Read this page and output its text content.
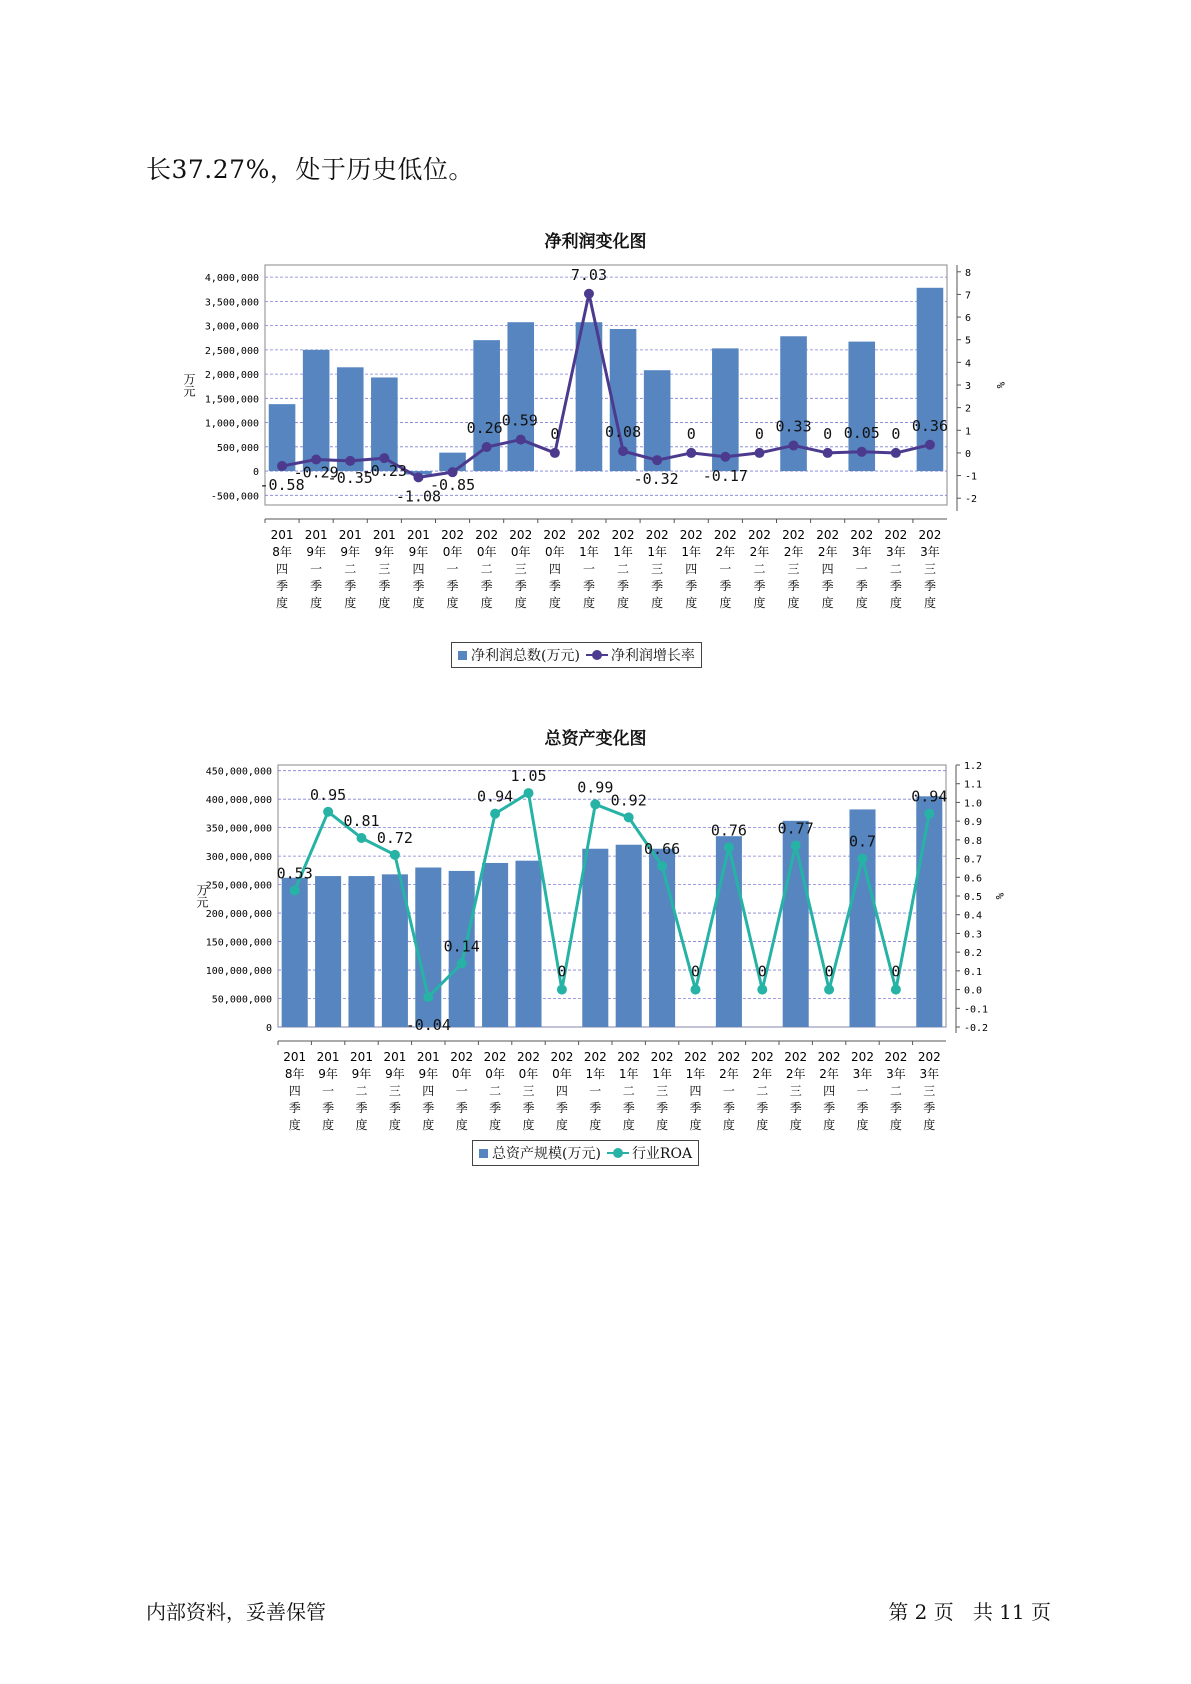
长37.27%，处于历史低位。
净利润变化图
-500,000
0
500,000
1,000,000
1,500,000
2,000,000
2,500,000
3,000,000
3,500,000
4,000,000
-2
-1
0
1
2
3
4
5
6
7
8
万元	%
201 8年四季度
201 9年一季度
201 9年二季度
201 9年三季度
201 9年四季度
202 0年一季度
202 0年二季度
202 0年三季度
202 0年四季度
202 1年一季度
202 1年二季度
202 1年三季度
202 1年四季度
202 2年一季度
202 2年二季度
202 2年三季度
202 2年四季度
202 3年一季度
202 3年二季度
202 3年三季度
-0.58
-0.29
-0.35
-0.23
-1.08
-0.85
0.26
0.59
0
7.03
0.08
-0.32
0
-0.17
0 0.33 0 0.05 0 0.36
净利润总数(万元) 净利润增长率
总资产变化图
0
50,000,000
100,000,000
150,000,000
200,000,000
250,000,000
300,000,000
350,000,000
400,000,000
450,000,000
-0.2
-0.1
0.0
0.1
0.2
0.3
0.4
0.5
0.6
0.7
0.8
0.9
1.0
1.1
1.2
万元	%
201 8年四季度
201 9年一季度
201 9年二季度
201 9年三季度
201 9年四季度
202 0年一季度
202 0年二季度
202 0年三季度
202 0年四季度
202 1年一季度
202 1年二季度
202 1年三季度
202 1年四季度
202 2年一季度
202 2年二季度
202 2年三季度
202 2年四季度
202 3年一季度
202 3年二季度
202 3年三季度
0.53
0.95
0.81
0.72
-0.04
0.14
0.94
1.05
0
0.99
0.92
0.66
0
0.76
0
0.77
0
0.7
0
0.94
总资产规模(万元) 行业ROA
内部资料，妥善保管	第 2 页   共 11 页
